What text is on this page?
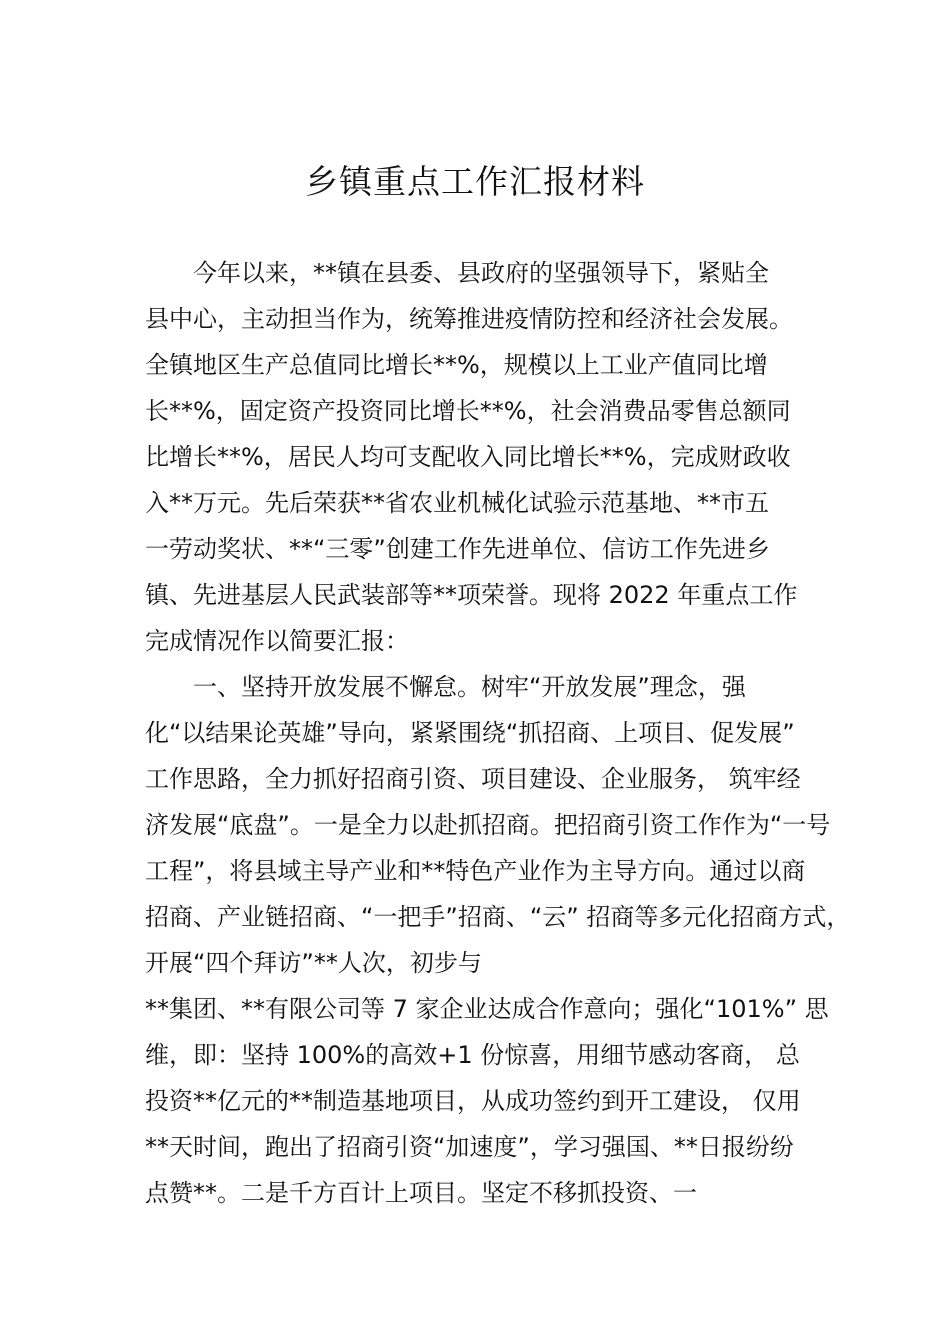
乡镇重点工作汇报材料
今年以来，**镇在县委、县政府的坚强领导下，紧贴全
县中心，主动担当作为，统筹推进疫情防控和经济社会发展。
全镇地区生产总值同比增长**%，规模以上工业产值同比增
长**%，固定资产投资同比增长**%，社会消费品零售总额同
比增长**%，居民人均可支配收入同比增长**%，完成财政收
入**万元。先后荣获**省农业机械化试验示范基地、**市五
一劳动奖状、**“三零”创建工作先进单位、信访工作先进乡
镇、先进基层人民武装部等**项荣誉。现将 2022 年重点工作
完成情况作以简要汇报：
一、坚持开放发展不懈怠。树牢“开放发展”理念，强
化“以结果论英雄”导向，紧紧围绕“抓招商、上项目、促发展”
工作思路，全力抓好招商引资、项目建设、企业服务， 筑牢经
济发展“底盘”。一是全力以赴抓招商。把招商引资工作作为“一号
工程”，将县域主导产业和**特色产业作为主导方向。通过以商
招商、产业链招商、“一把手”招商、“云” 招商等多元化招商方式，
开展“四个拜访”**人次，初步与
**集团、**有限公司等 7 家企业达成合作意向；强化“101%” 思
维，即：坚持 100%的高效+1 份惊喜，用细节感动客商， 总
投资**亿元的**制造基地项目，从成功签约到开工建设， 仅用
**天时间，跑出了招商引资“加速度”，学习强国、**日报纷纷
点赞**。二是千方百计上项目。坚定不移抓投资、一
